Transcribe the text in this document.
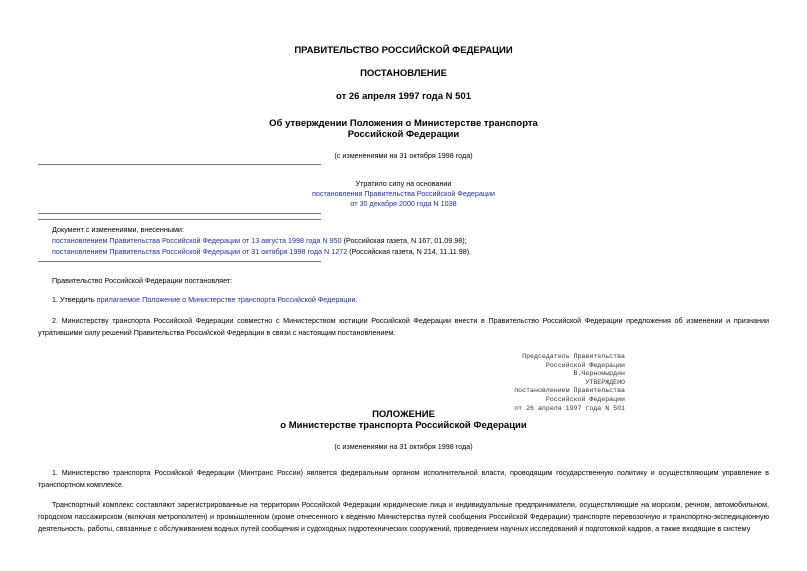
ПРАВИТЕЛЬСТВО РОССИЙСКОЙ ФЕДЕРАЦИИ
ПОСТАНОВЛЕНИЕ
от 26 апреля 1997 года N 501
Об утверждении Положения о Министерстве транспорта
Российской Федерации
(с изменениями на 31 октября 1998 года)
Утратило силу на основании
постановления Правительства Российской Федерации
от 30 декабря 2000 года N 1038
Документ с изменениями, внесенными:
постановлением Правительства Российской Федерации от 13 августа 1998 года N 950 (Российская газета, N 167, 01.09.98);
постановлением Правительства Российской Федерации от 31 октября 1998 года N 1272 (Российская газета, N 214, 11.11.98).
Правительство Российской Федерации постановляет:
1. Утвердить прилагаемое Положение о Министерстве транспорта Российской Федерации.
2. Министерству транспорта Российской Федерации совместно с Министерством юстиции Российской Федерации внести в Правительство Российской Федерации предложения об изменении и признании утратившими силу решений Правительства Российской Федерации в связи с настоящим постановлением.
Председатель Правительства
Российской Федерации
В.Черномырдин
УТВЕРЖДЕНО
постановлением Правительства
Российской Федерации
от 26 апреля 1997 года N 501
ПОЛОЖЕНИЕ
о Министерстве транспорта Российской Федерации
(с изменениями на 31 октября 1998 года)
1. Министерство транспорта Российской Федерации (Минтранс России) является федеральным органом исполнительной власти, проводящим государственную политику и осуществляющим управление в транспортном комплексе.
Транспортный комплекс составляют зарегистрированные на территории Российской Федерации юридические лица и индивидуальные предприниматели, осуществляющие на морском, речном, автомобильном, городском пассажирском (включая метрополитен) и промышленном (кроме отнесенного к ведению Министерства путей сообщения Российской Федерации) транспорте перевозочную и транспортно-экспедиционную деятельность, работы, связанные с обслуживанием водных путей сообщения и судоходных гидротехнических сооружений, проведением научных исследований и подготовкой кадров, а также входящие в систему
